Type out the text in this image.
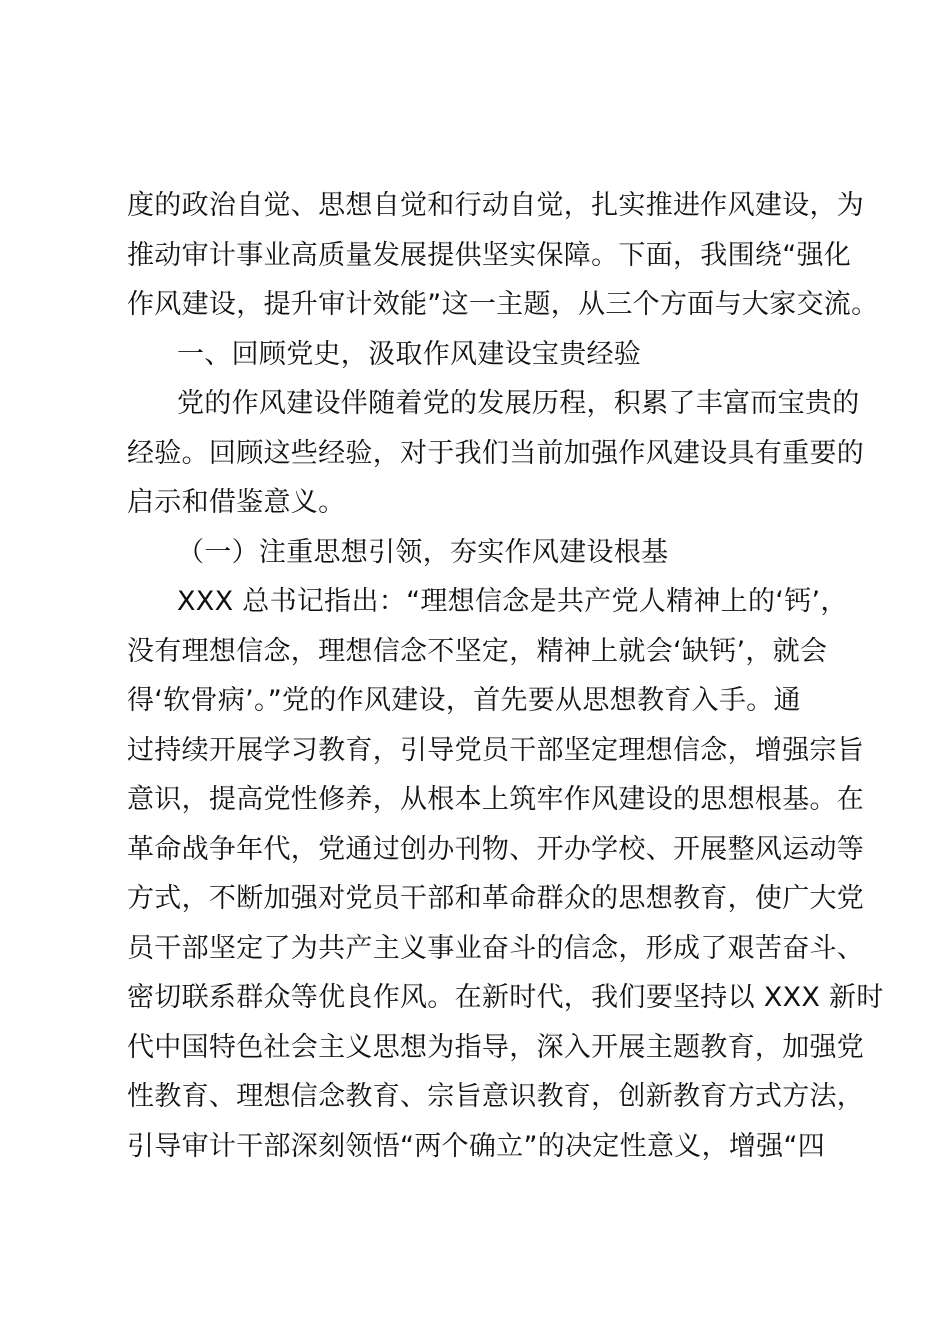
度的政治自觉、思想自觉和行动自觉，扎实推进作风建设，为
推动审计事业高质量发展提供坚实保障。下面，我围绕“强化
作风建设，提升审计效能”这一主题，从三个方面与大家交流。
一、回顾党史，汲取作风建设宝贵经验
党的作风建设伴随着党的发展历程，积累了丰富而宝贵的
经验。回顾这些经验，对于我们当前加强作风建设具有重要的
启示和借鉴意义。
（一）注重思想引领，夯实作风建设根基
XXX 总书记指出：“理想信念是共产党人精神上的‘钙’，
没有理想信念，理想信念不坚定，精神上就会‘缺钙’，就会
得‘软骨病’。”党的作风建设，首先要从思想教育入手。通
过持续开展学习教育，引导党员干部坚定理想信念，增强宗旨
意识，提高党性修养，从根本上筑牢作风建设的思想根基。在
革命战争年代，党通过创办刊物、开办学校、开展整风运动等
方式，不断加强对党员干部和革命群众的思想教育，使广大党
员干部坚定了为共产主义事业奋斗的信念，形成了艰苦奋斗、
密切联系群众等优良作风。在新时代，我们要坚持以 XXX 新时
代中国特色社会主义思想为指导，深入开展主题教育，加强党
性教育、理想信念教育、宗旨意识教育，创新教育方式方法，
引导审计干部深刻领悟“两个确立”的决定性意义，增强“四
